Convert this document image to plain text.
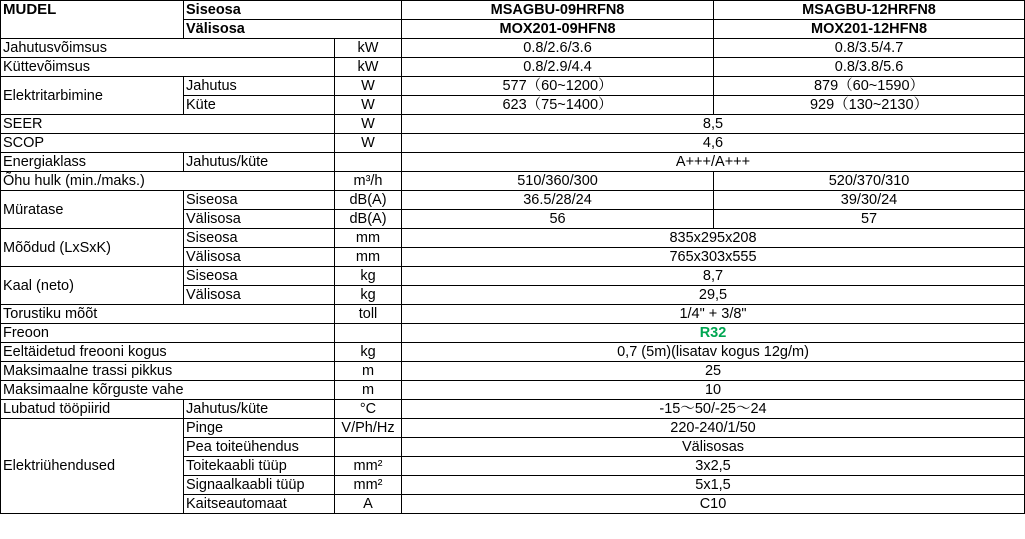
MUDEL	Siseosa		MSAGBU-09HRFN8	MSAGBU-12HRFN8
	Välisosa		MOX201-09HFN8	MOX201-12HFN8
Jahutusvõimsus		kW	0.8/2.6/3.6	0.8/3.5/4.7
Küttevõimsus		kW	0.8/2.9/4.4	0.8/3.8/5.6
Elektritarbimine	Jahutus	W	577（60~1200）	879（60~1590）
	Küte	W	623（75~1400）	929（130~2130）
SEER		W	8,5	
SCOP		W	4,6	
Energiaklass	Jahutus/küte		A+++/A+++	
Õhu hulk (min./maks.)		m³/h	510/360/300	520/370/310
Müratase	Siseosa	dB(A)	36.5/28/24	39/30/24
	Välisosa	dB(A)	56	57
Mõõdud (LxSxK)	Siseosa	mm	835x295x208	
	Välisosa	mm	765x303x555	
Kaal (neto)	Siseosa	kg	8,7	
	Välisosa	kg	29,5	
Torustiku mõõt		toll	1/4" + 3/8"	
Freoon			R32	
Eeltäidetud freooni kogus		kg	0,7 (5m)(lisatav kogus 12g/m)	
Maksimaalne trassi pikkus		m	25	
Maksimaalne kõrguste vahe		m	10	
Lubatud tööpiirid	Jahutus/küte	°C	-15～50/-25～24	
Elektriühendused	Pinge	V/Ph/Hz	220-240/1/50	
	Pea toiteühendus		Välisosas	
	Toitekaabli tüüp	mm²	3x2,5	
	Signaalkaabli tüüp	mm²	5x1,5	
	Kaitseautomaat	A	C10	
